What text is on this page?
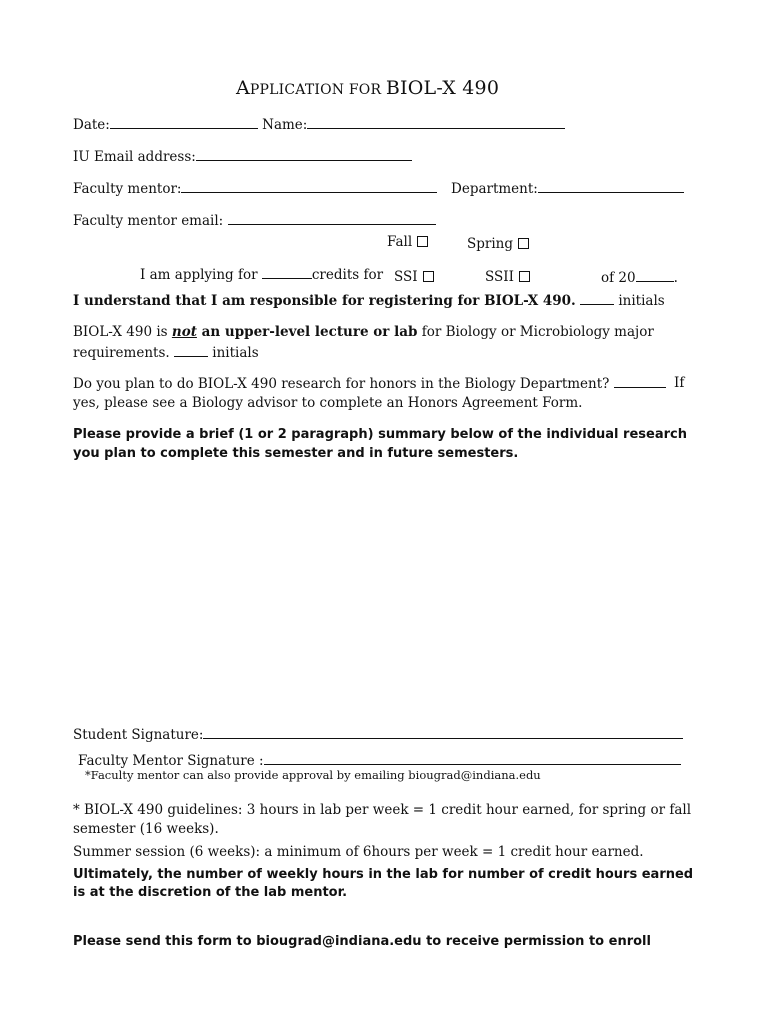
APPLICATION FOR BIOL-X 490
Date:	Name:
IU Email address:
Faculty mentor:	Department:
Faculty mentor email:
Fall	Spring
I am applying for	credits for SSI	SSII	of 20	.
I understand that I am responsible for registering for BIOL-X 490.	initials
BIOL-X 490 is not an upper-level lecture or lab for Biology or Microbiology major
requirements.	initials
Do you plan to do BIOL-X 490 research for honors in the Biology Department?	If
yes, please see a Biology advisor to complete an Honors Agreement Form.
Please provide a brief (1 or 2 paragraph) summary below of the individual research
you plan to complete this semester and in future semesters.
Student Signature:
Faculty Mentor Signature :
*Faculty mentor can also provide approval by emailing biougrad@indiana.edu
* BIOL-X 490 guidelines: 3 hours in lab per week = 1 credit hour earned, for spring or fall
semester (16 weeks).
Summer session (6 weeks): a minimum of 6hours per week = 1 credit hour earned.
Ultimately, the number of weekly hours in the lab for number of credit hours earned
is at the discretion of the lab mentor.
Please send this form to biougrad@indiana.edu to receive permission to enroll
